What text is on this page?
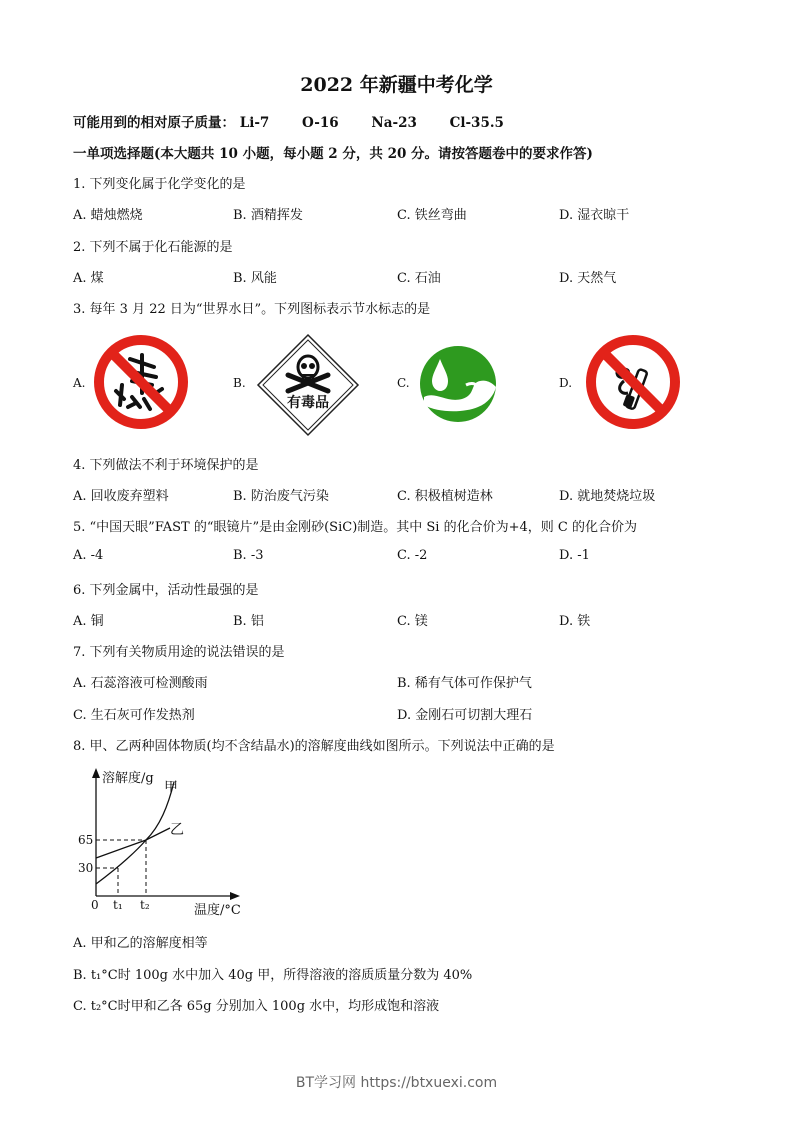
2022 年新疆中考化学
可能用到的相对原子质量： Li-7 O-16 Na-23 Cl-35.5
一单项选择题(本大题共 10 小题，每小题 2 分，共 20 分。请按答题卷中的要求作答)
1. 下列变化属于化学变化的是
A. 蜡烛燃烧	B. 酒精挥发	C. 铁丝弯曲	D. 湿衣晾干
2. 下列不属于化石能源的是
A. 煤	B. 风能	C. 石油	D. 天然气
3. 每年 3 月 22 日为“世界水日”。下列图标表示节水标志的是
A.	B.
有毒品
C.	D.
4. 下列做法不利于环境保护的是
A. 回收废弃塑料	B. 防治废气污染	C. 积极植树造林	D. 就地焚烧垃圾
5. “中国天眼”FAST 的“眼镜片”是由金刚砂(SiC)制造。其中 Si 的化合价为+4，则 C 的化合价为
A. -4	B. -3	C. -2	D. -1
6. 下列金属中，活动性最强的是
A. 铜	B. 铝	C. 镁	D. 铁
7. 下列有关物质用途的说法错误的是
A. 石蕊溶液可检测酸雨	B. 稀有气体可作保护气
C. 生石灰可作发热剂	D. 金刚石可切割大理石
8. 甲、乙两种固体物质(均不含结晶水)的溶解度曲线如图所示。下列说法中正确的是
溶解度/g
温度/°C
甲
乙
65
30
0 t₁ t₂
A. 甲和乙的溶解度相等
B. t₁°C时 100g 水中加入 40g 甲，所得溶液的溶质质量分数为 40%
C. t₂°C时甲和乙各 65g 分别加入 100g 水中，均形成饱和溶液
BT学习网 https://btxuexi.com
